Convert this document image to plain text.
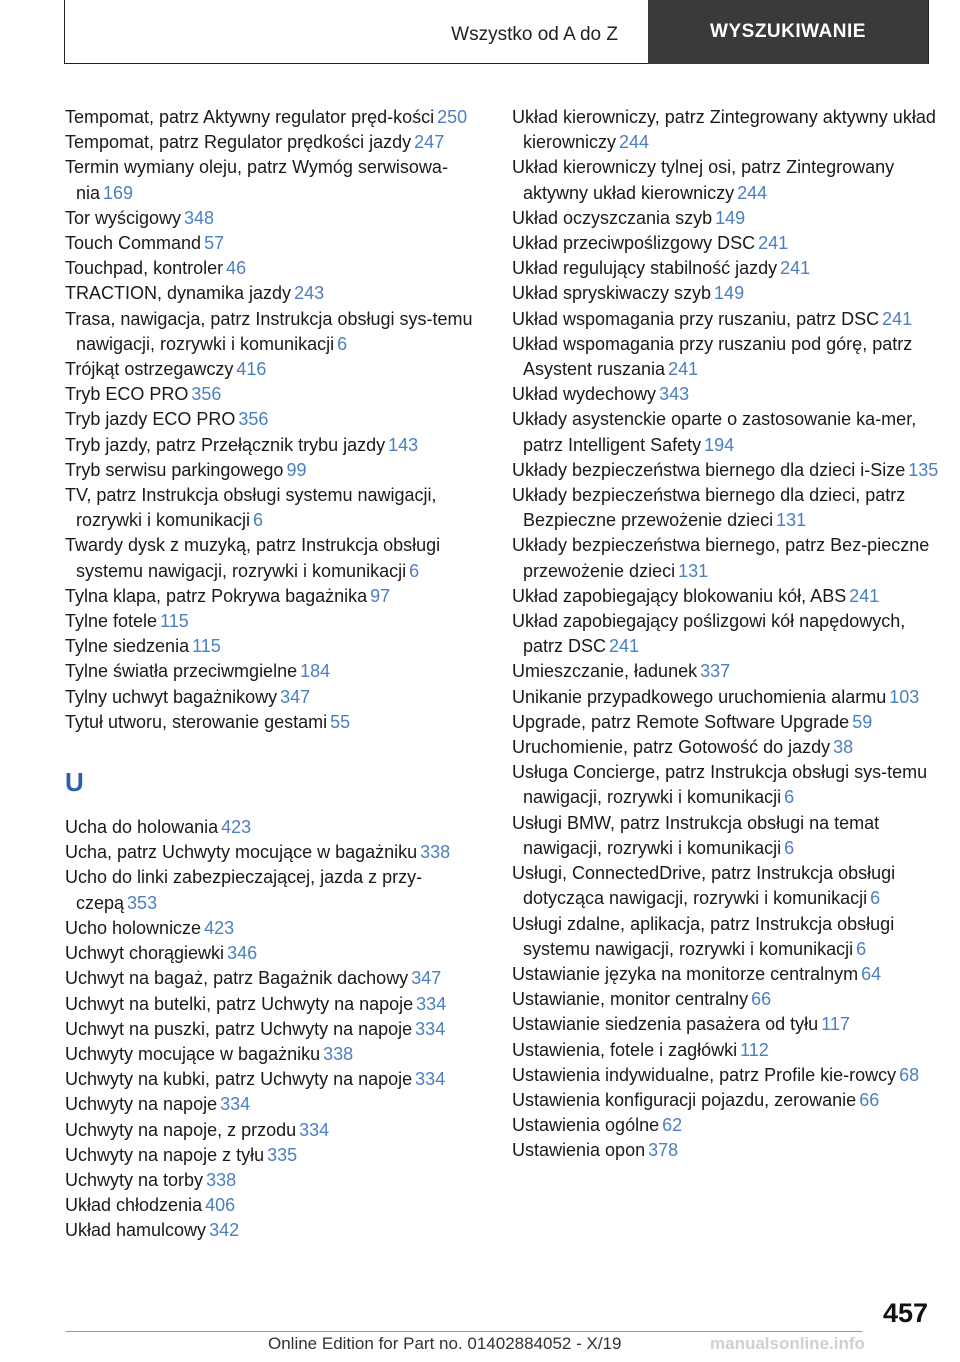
Wszystko od A do Z	WYSZUKIWANIE
Tempomat, patrz Aktywny regulator pręd-kości 250
Tempomat, patrz Regulator prędkości jazdy 247
Termin wymiany oleju, patrz Wymóg serwisowa-nia 169
Tor wyścigowy 348
Touch Command 57
Touchpad, kontroler 46
TRACTION, dynamika jazdy 243
Trasa, nawigacja, patrz Instrukcja obsługi sys-temu nawigacji, rozrywki i komunikacji 6
Trójkąt ostrzegawczy 416
Tryb ECO PRO 356
Tryb jazdy ECO PRO 356
Tryb jazdy, patrz Przełącznik trybu jazdy 143
Tryb serwisu parkingowego 99
TV, patrz Instrukcja obsługi systemu nawigacji, rozrywki i komunikacji 6
Twardy dysk z muzyką, patrz Instrukcja obsługi systemu nawigacji, rozrywki i komunikacji 6
Tylna klapa, patrz Pokrywa bagażnika 97
Tylne fotele 115
Tylne siedzenia 115
Tylne światła przeciwmgielne 184
Tylny uchwyt bagażnikowy 347
Tytuł utworu, sterowanie gestami 55
U
Ucha do holowania 423
Ucha, patrz Uchwyty mocujące w bagażniku 338
Ucho do linki zabezpieczającej, jazda z przy-czepą 353
Ucho holownicze 423
Uchwyt chorągiewki 346
Uchwyt na bagaż, patrz Bagażnik dachowy 347
Uchwyt na butelki, patrz Uchwyty na napoje 334
Uchwyt na puszki, patrz Uchwyty na napoje 334
Uchwyty mocujące w bagażniku 338
Uchwyty na kubki, patrz Uchwyty na napoje 334
Uchwyty na napoje 334
Uchwyty na napoje, z przodu 334
Uchwyty na napoje z tyłu 335
Uchwyty na torby 338
Układ chłodzenia 406
Układ hamulcowy 342
Układ kierowniczy, patrz Zintegrowany aktywny układ kierowniczy 244
Układ kierowniczy tylnej osi, patrz Zintegrowany aktywny układ kierowniczy 244
Układ oczyszczania szyb 149
Układ przeciwpoślizgowy DSC 241
Układ regulujący stabilność jazdy 241
Układ spryskiwaczy szyb 149
Układ wspomagania przy ruszaniu, patrz DSC 241
Układ wspomagania przy ruszaniu pod górę, patrz Asystent ruszania 241
Układ wydechowy 343
Układy asystenckie oparte o zastosowanie ka-mer, patrz Intelligent Safety 194
Układy bezpieczeństwa biernego dla dzieci i-Size 135
Układy bezpieczeństwa biernego dla dzieci, patrz Bezpieczne przewożenie dzieci 131
Układy bezpieczeństwa biernego, patrz Bez-pieczne przewożenie dzieci 131
Układ zapobiegający blokowaniu kół, ABS 241
Układ zapobiegający poślizgowi kół napędowych, patrz DSC 241
Umieszczanie, ładunek 337
Unikanie przypadkowego uruchomienia alarmu 103
Upgrade, patrz Remote Software Upgrade 59
Uruchomienie, patrz Gotowość do jazdy 38
Usługa Concierge, patrz Instrukcja obsługi sys-temu nawigacji, rozrywki i komunikacji 6
Usługi BMW, patrz Instrukcja obsługi na temat nawigacji, rozrywki i komunikacji 6
Usługi, ConnectedDrive, patrz Instrukcja obsługi dotycząca nawigacji, rozrywki i komunikacji 6
Usługi zdalne, aplikacja, patrz Instrukcja obsługi systemu nawigacji, rozrywki i komunikacji 6
Ustawianie języka na monitorze centralnym 64
Ustawianie, monitor centralny 66
Ustawianie siedzenia pasażera od tyłu 117
Ustawienia, fotele i zagłówki 112
Ustawienia indywidualne, patrz Profile kie-rowcy 68
Ustawienia konfiguracji pojazdu, zerowanie 66
Ustawienia ogólne 62
Ustawienia opon 378
457
Online Edition for Part no. 01402884052 - X/19	manualsonline.info
